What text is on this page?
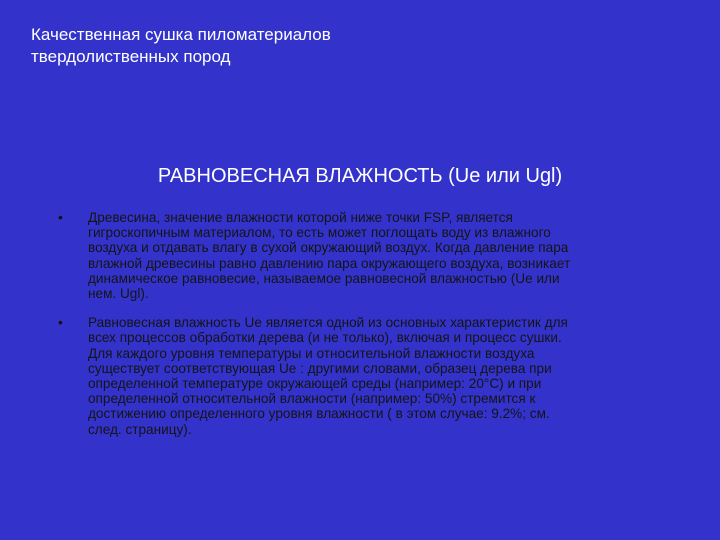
Качественная сушка пиломатериалов
твердолиственных пород
РАВНОВЕСНАЯ ВЛАЖНОСТЬ (Ue или Ugl)
• Древесина, значение влажности которой ниже точки FSP, является
гигроскопичным материалом, то есть может поглощать воду из влажного
воздуха и отдавать влагу в сухой окружающий воздух. Когда давление пара
влажной древесины равно давлению пара окружающего воздуха, возникает
динамическое равновесие, называемое равновесной влажностью (Ue или
нем. Ugl).
• Равновесная влажность Ue является одной из основных характеристик для
всех процессов обработки дерева (и не только), включая и процесс сушки.
Для каждого уровня температуры и относительной влажности воздуха
существует соответствующая Ue : другими словами, образец дерева при
определенной температуре окружающей среды (например: 20°C) и при
определенной относительной влажности (например: 50%) стремится к
достижению определенного уровня влажности ( в этом случае: 9.2%; см.
след. страницу).
